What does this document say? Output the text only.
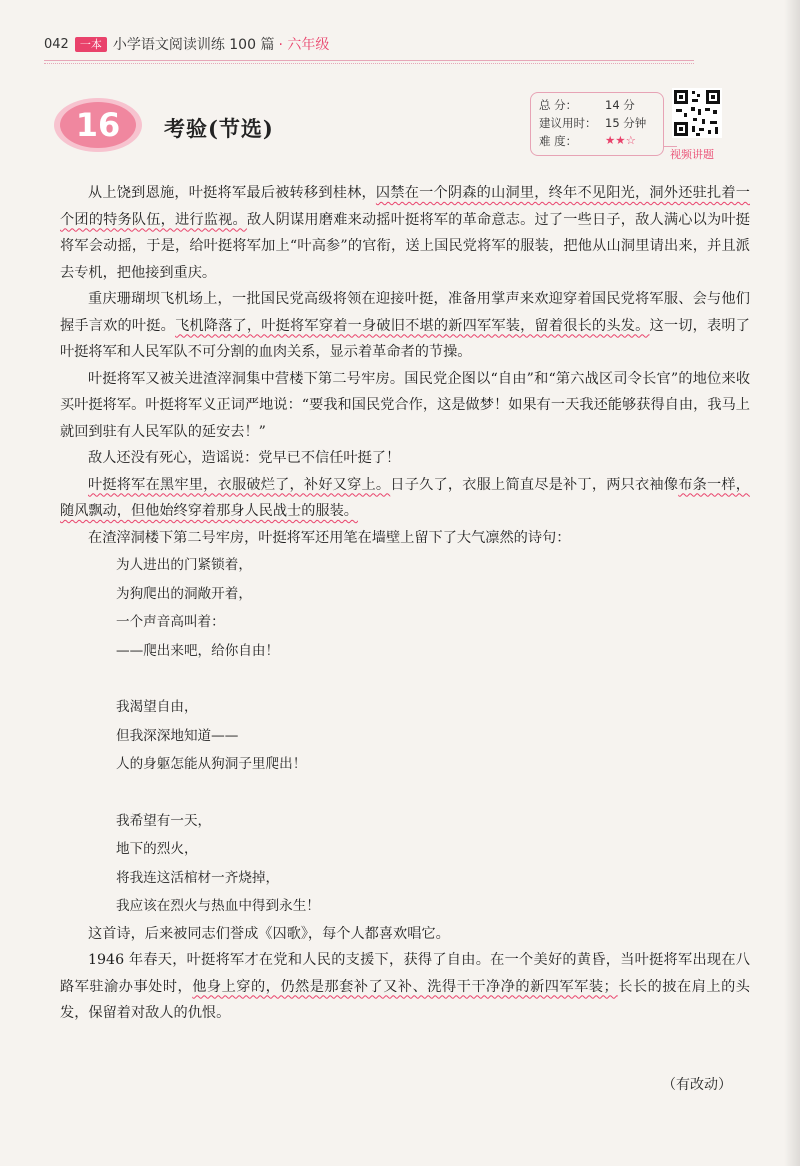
042	一本 小学语文阅读训练 100 篇 · 六年级
16 考验(节选)
总 分：	14 分
建议用时： 15 分钟
难 度：	★★☆
视频讲题

从上饶到恩施，叶挺将军最后被转移到桂林，囚禁在一个阴森的山洞里，终年不见阳光，洞外还驻扎着一个团的特务队伍，进行监视。敌人阴谋用磨难来动摇叶挺将军的革命意志。过了一些日子，敌人满心以为叶挺将军会动摇，于是，给叶挺将军加上“叶高参”的官衔，送上国民党将军的服装，把他从山洞里请出来，并且派去专机，把他接到重庆。

重庆珊瑚坝飞机场上，一批国民党高级将领在迎接叶挺，准备用掌声来欢迎穿着国民党将军服、会与他们握手言欢的叶挺。飞机降落了，叶挺将军穿着一身破旧不堪的新四军军装，留着很长的头发。这一切，表明了叶挺将军和人民军队不可分割的血肉关系，显示着革命者的节操。

叶挺将军又被关进渣滓洞集中营楼下第二号牢房。国民党企图以“自由”和“第六战区司令长官”的地位来收买叶挺将军。叶挺将军义正词严地说：“要我和国民党合作，这是做梦！如果有一天我还能够获得自由，我马上就回到驻有人民军队的延安去！”

敌人还没有死心，造谣说：党早已不信任叶挺了！

叶挺将军在黑牢里，衣服破烂了，补好又穿上。日子久了，衣服上简直尽是补丁，两只衣袖像布条一样，随风飘动，但他始终穿着那身人民战士的服装。

在渣滓洞楼下第二号牢房，叶挺将军还用笔在墙壁上留下了大气凛然的诗句：

为人进出的门紧锁着，
为狗爬出的洞敞开着，
一个声音高叫着：
——爬出来吧，给你自由！
我渴望自由，
但我深深地知道——
人的身躯怎能从狗洞子里爬出！
我希望有一天，
地下的烈火，
将我连这活棺材一齐烧掉，
我应该在烈火与热血中得到永生！

这首诗，后来被同志们誉成《囚歌》，每个人都喜欢唱它。

1946 年春天，叶挺将军才在党和人民的支援下，获得了自由。在一个美好的黄昏，当叶挺将军出现在八路军驻渝办事处时，他身上穿的，仍然是那套补了又补、洗得干干净净的新四军军装；长长的披在肩上的头发，保留着对敌人的仇恨。

（有改动）
